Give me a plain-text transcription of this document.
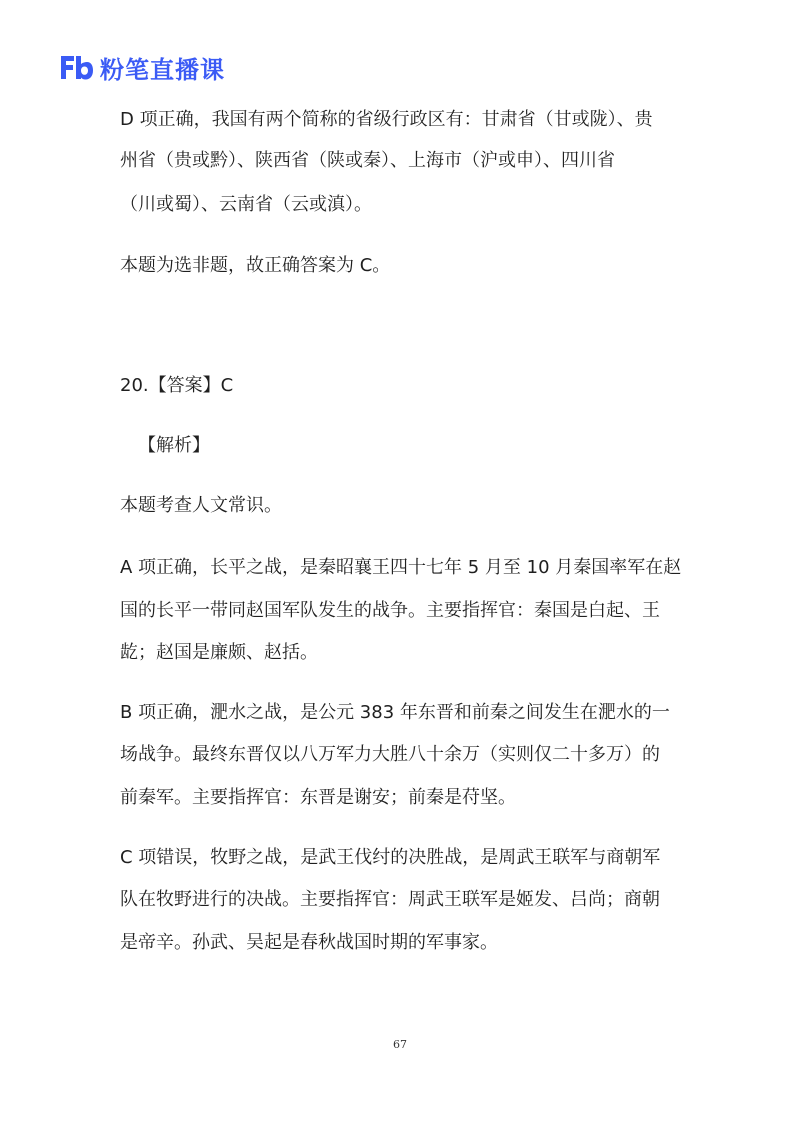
粉笔直播课
D 项正确，我国有两个简称的省级行政区有：甘肃省（甘或陇）、贵
州省（贵或黔）、陕西省（陕或秦）、上海市（沪或申）、四川省
（川或蜀）、云南省（云或滇）。
本题为选非题，故正确答案为 C。
20.【答案】C
【解析】
本题考查人文常识。
A 项正确，长平之战，是秦昭襄王四十七年 5 月至 10 月秦国率军在赵
国的长平一带同赵国军队发生的战争。主要指挥官：秦国是白起、王
龁；赵国是廉颇、赵括。
B 项正确，淝水之战，是公元 383 年东晋和前秦之间发生在淝水的一
场战争。最终东晋仅以八万军力大胜八十余万（实则仅二十多万）的
前秦军。主要指挥官：东晋是谢安；前秦是苻坚。
C 项错误，牧野之战，是武王伐纣的决胜战，是周武王联军与商朝军
队在牧野进行的决战。主要指挥官：周武王联军是姬发、吕尚；商朝
是帝辛。孙武、吴起是春秋战国时期的军事家。
67
